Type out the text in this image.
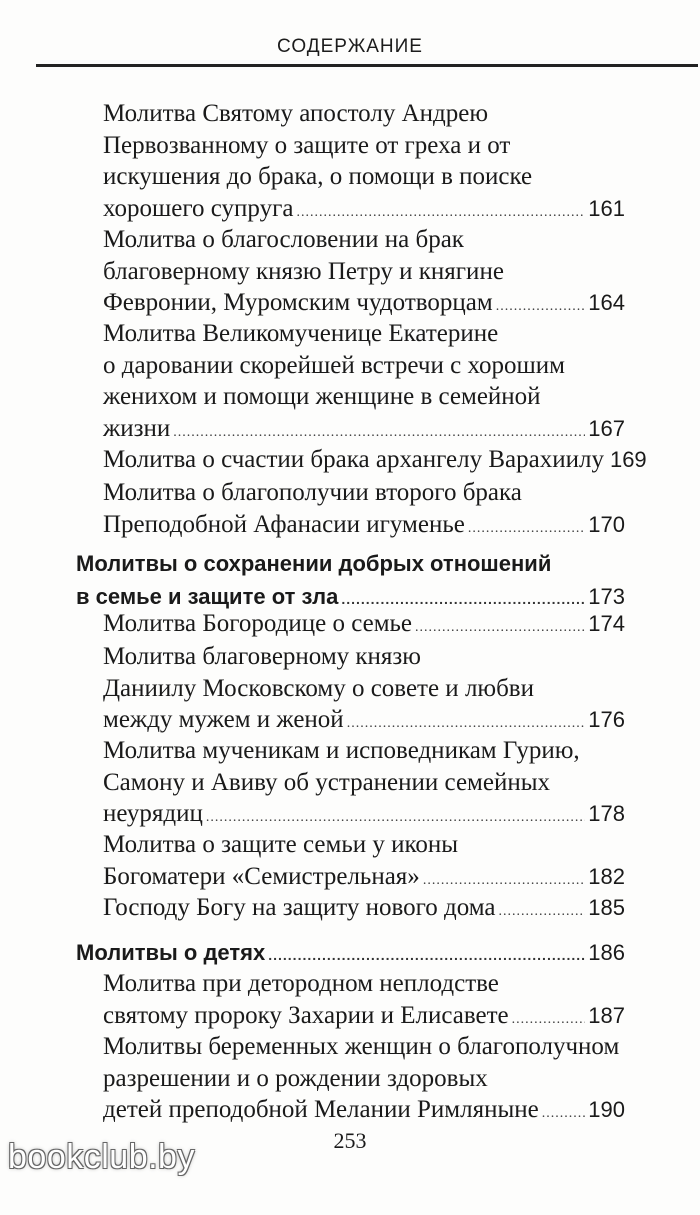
СОДЕРЖАНИЕ
Молитва Святому апостолу Андрею
Первозванному о защите от греха и от
искушения до брака, о помощи в поиске
хорошего супруга .....	161
Молитва о благословении на брак
благоверному князю Петру и княгине
Февронии, Муромским чудотворцам .....	164
Молитва Великомученице Екатерине
о даровании скорейшей встречи с хорошим
женихом и помощи женщине в семейной
жизни .....	167
Молитва о счастии брака архангелу Варахиилу 169
Молитва о благополучии второго брака
Преподобной Афанасии игуменье .....	170
Молитвы о сохранении добрых отношений
в семье и защите от зла .....	173
Молитва Богородице о семье .....	174
Молитва благоверному князю
Даниилу Московскому о совете и любви
между мужем и женой .....	176
Молитва мученикам и исповедникам Гурию,
Самону и Авиву об устранении семейных
неурядиц .....	178
Молитва о защите семьи у иконы
Богоматери «Семистрельная» .....	182
Господу Богу на защиту нового дома .....	185
Молитвы о детях .....	186
Молитва при детородном неплодстве
святому пророку Захарии и Елисавете .....	187
Молитвы беременных женщин о благополучном
разрешении и о рождении здоровых
детей преподобной Мелании Римляныне ..... 190
253
bookclub.by
